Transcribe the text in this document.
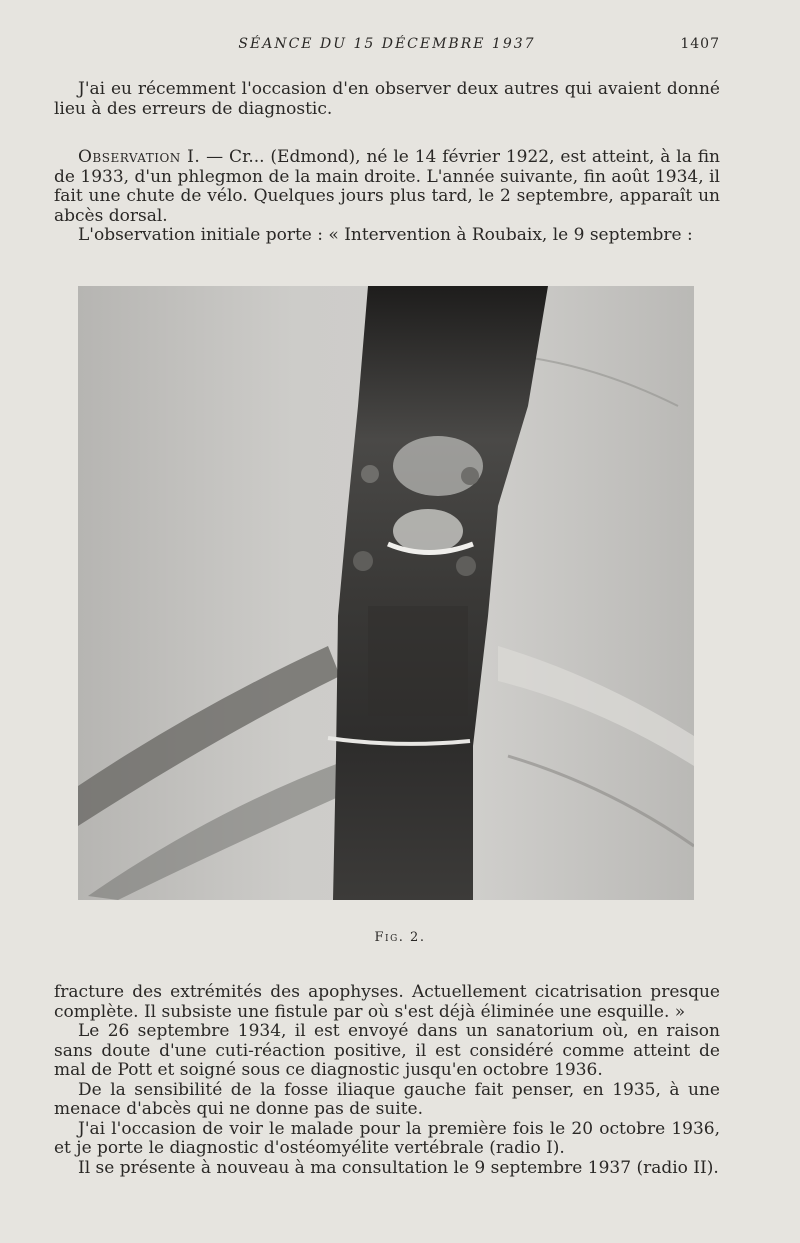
SÉANCE DU 15 DÉCEMBRE 1937	1407

J'ai eu récemment l'occasion d'en observer deux autres qui avaient donné lieu à des erreurs de diagnostic.

Observation I. — Cr... (Edmond), né le 14 février 1922, est atteint, à la fin de 1933, d'un phlegmon de la main droite. L'année suivante, fin août 1934, il fait une chute de vélo. Quelques jours plus tard, le 2 septembre, apparaît un abcès dorsal.

L'observation initiale porte : « Intervention à Roubaix, le 9 septembre :

Fig. 2.

fracture des extrémités des apophyses. Actuellement cicatrisation presque complète. Il subsiste une fistule par où s'est déjà éliminée une esquille. »

Le 26 septembre 1934, il est envoyé dans un sanatorium où, en raison sans doute d'une cuti-réaction positive, il est considéré comme atteint de mal de Pott et soigné sous ce diagnostic jusqu'en octobre 1936.

De la sensibilité de la fosse iliaque gauche fait penser, en 1935, à une menace d'abcès qui ne donne pas de suite.

J'ai l'occasion de voir le malade pour la première fois le 20 octobre 1936, et je porte le diagnostic d'ostéomyélite vertébrale (radio I).

Il se présente à nouveau à ma consultation le 9 septembre 1937 (radio II).
